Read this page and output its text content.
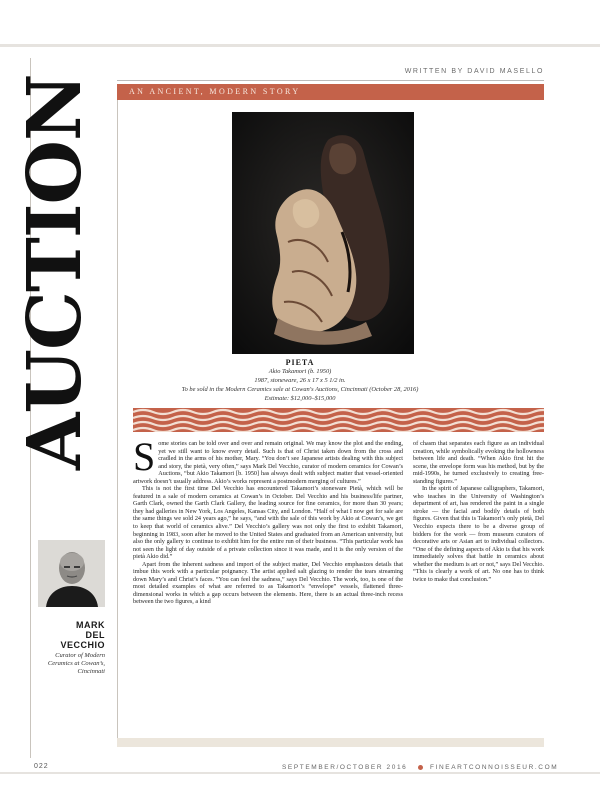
WRITTEN BY DAVID MASELLO
AUCTION	AN ANCIENT, MODERN STORY
PIETA
Akio Takamori (b. 1950)
1987, stoneware, 26 x 17 x 5 1/2 in.
To be sold in the Modern Ceramics sale at Cowan's Auctions, Cincinnati (October 28, 2016)
Estimate: $12,000–$15,000

Some stories can be told over and over and remain original. We may know the plot and the ending, yet we still want to know every detail. Such is that of Christ taken down from the cross and cradled in the arms of his mother, Mary. “You don’t see Japanese artists dealing with this subject and story, the pietà, very often,” says Mark Del Vecchio, curator of modern ceramics for Cowan’s Auctions, “but Akio Takamori [b. 1950] has always dealt with subject matter that vessel-oriented artwork doesn’t usually address. Akio’s works represent a postmodern merging of cultures.”

This is not the first time Del Vecchio has encountered Takamori’s stoneware Pietà, which will be featured in a sale of modern ceramics at Cowan’s in October. Del Vecchio and his business/life partner, Garth Clark, owned the Garth Clark Gallery, the leading source for fine ceramics, for more than 30 years; they had galleries in New York, Los Angeles, Kansas City, and London. “Half of what I now get for sale are the same things we sold 24 years ago,” he says, “and with the sale of this work by Akio at Cowan’s, we get to keep that world of ceramics alive.” Del Vecchio’s gallery was not only the first to exhibit Takamori, beginning in 1983, soon after he moved to the United States and graduated from an American university, but also the only gallery to continue to exhibit him for the entire run of their business. “This particular work has not seen the light of day outside of a private collection since it was made, and it is the only version of the pietà Akio did.”

Apart from the inherent sadness and import of the subject matter, Del Vecchio emphasizes details that imbue this work with a particular poignancy. The artist applied salt glazing to render the tears streaming down Mary’s and Christ’s faces. “You can feel the sadness,” says Del Vecchio. The work, too, is one of the most detailed examples of what are referred to as Takamori’s “envelope” vessels, flattened three-dimensional works in which a gap occurs between the elements. Here, there is an actual three-inch recess between the two figures, a kind

of chasm that separates each figure as an individual creation, while symbolically evoking the hollowness between life and death. “When Akio first hit the scene, the envelope form was his method, but by the mid-1990s, he turned exclusively to creating free-standing figures.”

In the spirit of Japanese calligraphers, Takamori, who teaches in the University of Washington’s department of art, has rendered the paint in a single stroke — the facial and bodily details of both figures. Given that this is Takamori’s only pietà, Del Vecchio expects there to be a diverse group of bidders for the work — from museum curators of decorative arts or Asian art to individual collectors. “One of the defining aspects of Akio is that his work immediately solves that battle in ceramics about whether the medium is art or not,” says Del Vecchio. “This is clearly a work of art. No one has to think twice to make that conclusion.”

MARK
DEL
VECCHIO
Curator of Modern Ceramics at Cowan’s, Cincinnati
022	SEPTEMBER/OCTOBER 2016	FINEARTCONNOISSEUR.COM
